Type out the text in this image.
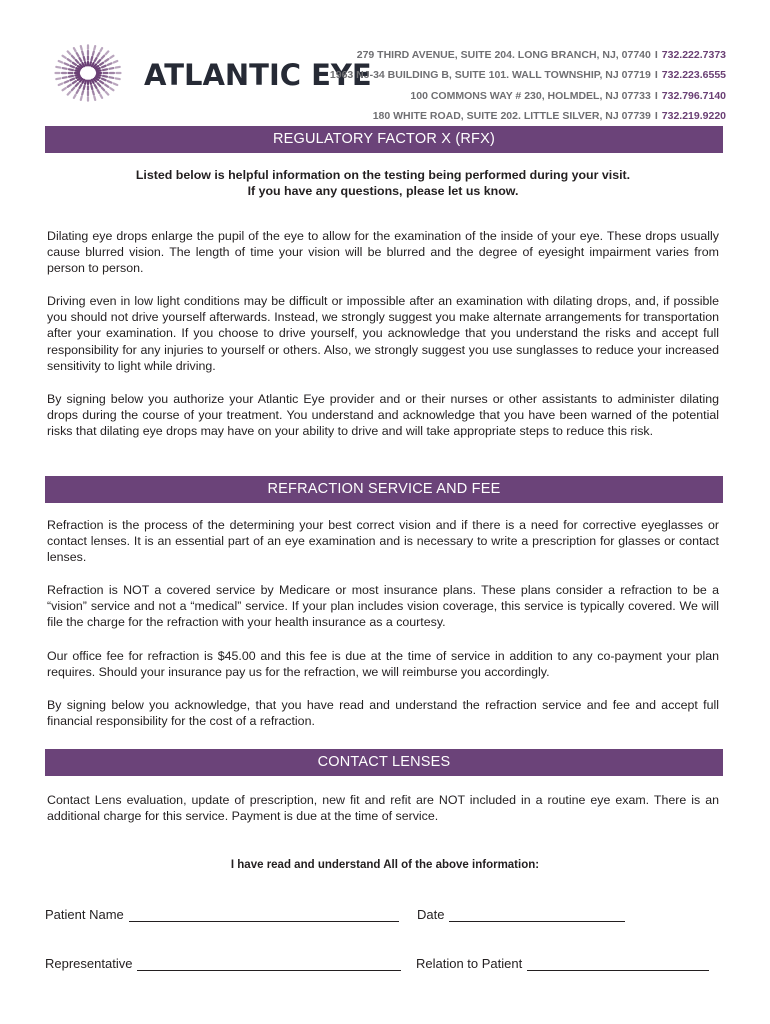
ATLANTIC EYE
279 THIRD AVENUE, SUITE 204. LONG BRANCH, NJ, 07740 I 732.222.7373
1963 NJ-34 BUILDING B, SUITE 101. WALL TOWNSHIP, NJ 07719 I 732.223.6555
100 COMMONS WAY # 230, HOLMDEL, NJ 07733 I 732.796.7140
180 WHITE ROAD, SUITE 202. LITTLE SILVER, NJ 07739 I 732.219.9220
REGULATORY FACTOR X (RFX)
Listed below is helpful information on the testing being performed during your visit.
If you have any questions, please let us know.
Dilating eye drops enlarge the pupil of the eye to allow for the examination of the inside of your eye. These drops usually cause blurred vision. The length of time your vision will be blurred and the degree of eyesight impairment varies from person to person.
Driving even in low light conditions may be difficult or impossible after an examination with dilating drops, and, if possible you should not drive yourself afterwards. Instead, we strongly suggest you make alternate arrangements for transportation after your examination. If you choose to drive yourself, you acknowledge that you understand the risks and accept full responsibility for any injuries to yourself or others. Also, we strongly suggest you use sunglasses to reduce your increased sensitivity to light while driving.
By signing below you authorize your Atlantic Eye provider and or their nurses or other assistants to administer dilating drops during the course of your treatment. You understand and acknowledge that you have been warned of the potential risks that dilating eye drops may have on your ability to drive and will take appropriate steps to reduce this risk.
REFRACTION SERVICE AND FEE
Refraction is the process of the determining your best correct vision and if there is a need for corrective eyeglasses or contact lenses. It is an essential part of an eye examination and is necessary to write a prescription for glasses or contact lenses.
Refraction is NOT a covered service by Medicare or most insurance plans. These plans consider a refraction to be a “vision” service and not a “medical” service. If your plan includes vision coverage, this service is typically covered. We will file the charge for the refraction with your health insurance as a courtesy.
Our office fee for refraction is $45.00 and this fee is due at the time of service in addition to any co-payment your plan requires. Should your insurance pay us for the refraction, we will reimburse you accordingly.
By signing below you acknowledge, that you have read and understand the refraction service and fee and accept full financial responsibility for the cost of a refraction.
CONTACT LENSES
Contact Lens evaluation, update of prescription, new fit and refit are NOT included in a routine eye exam. There is an additional charge for this service. Payment is due at the time of service.
I have read and understand All of the above information:
Patient Name	Date
Representative	Relation to Patient
